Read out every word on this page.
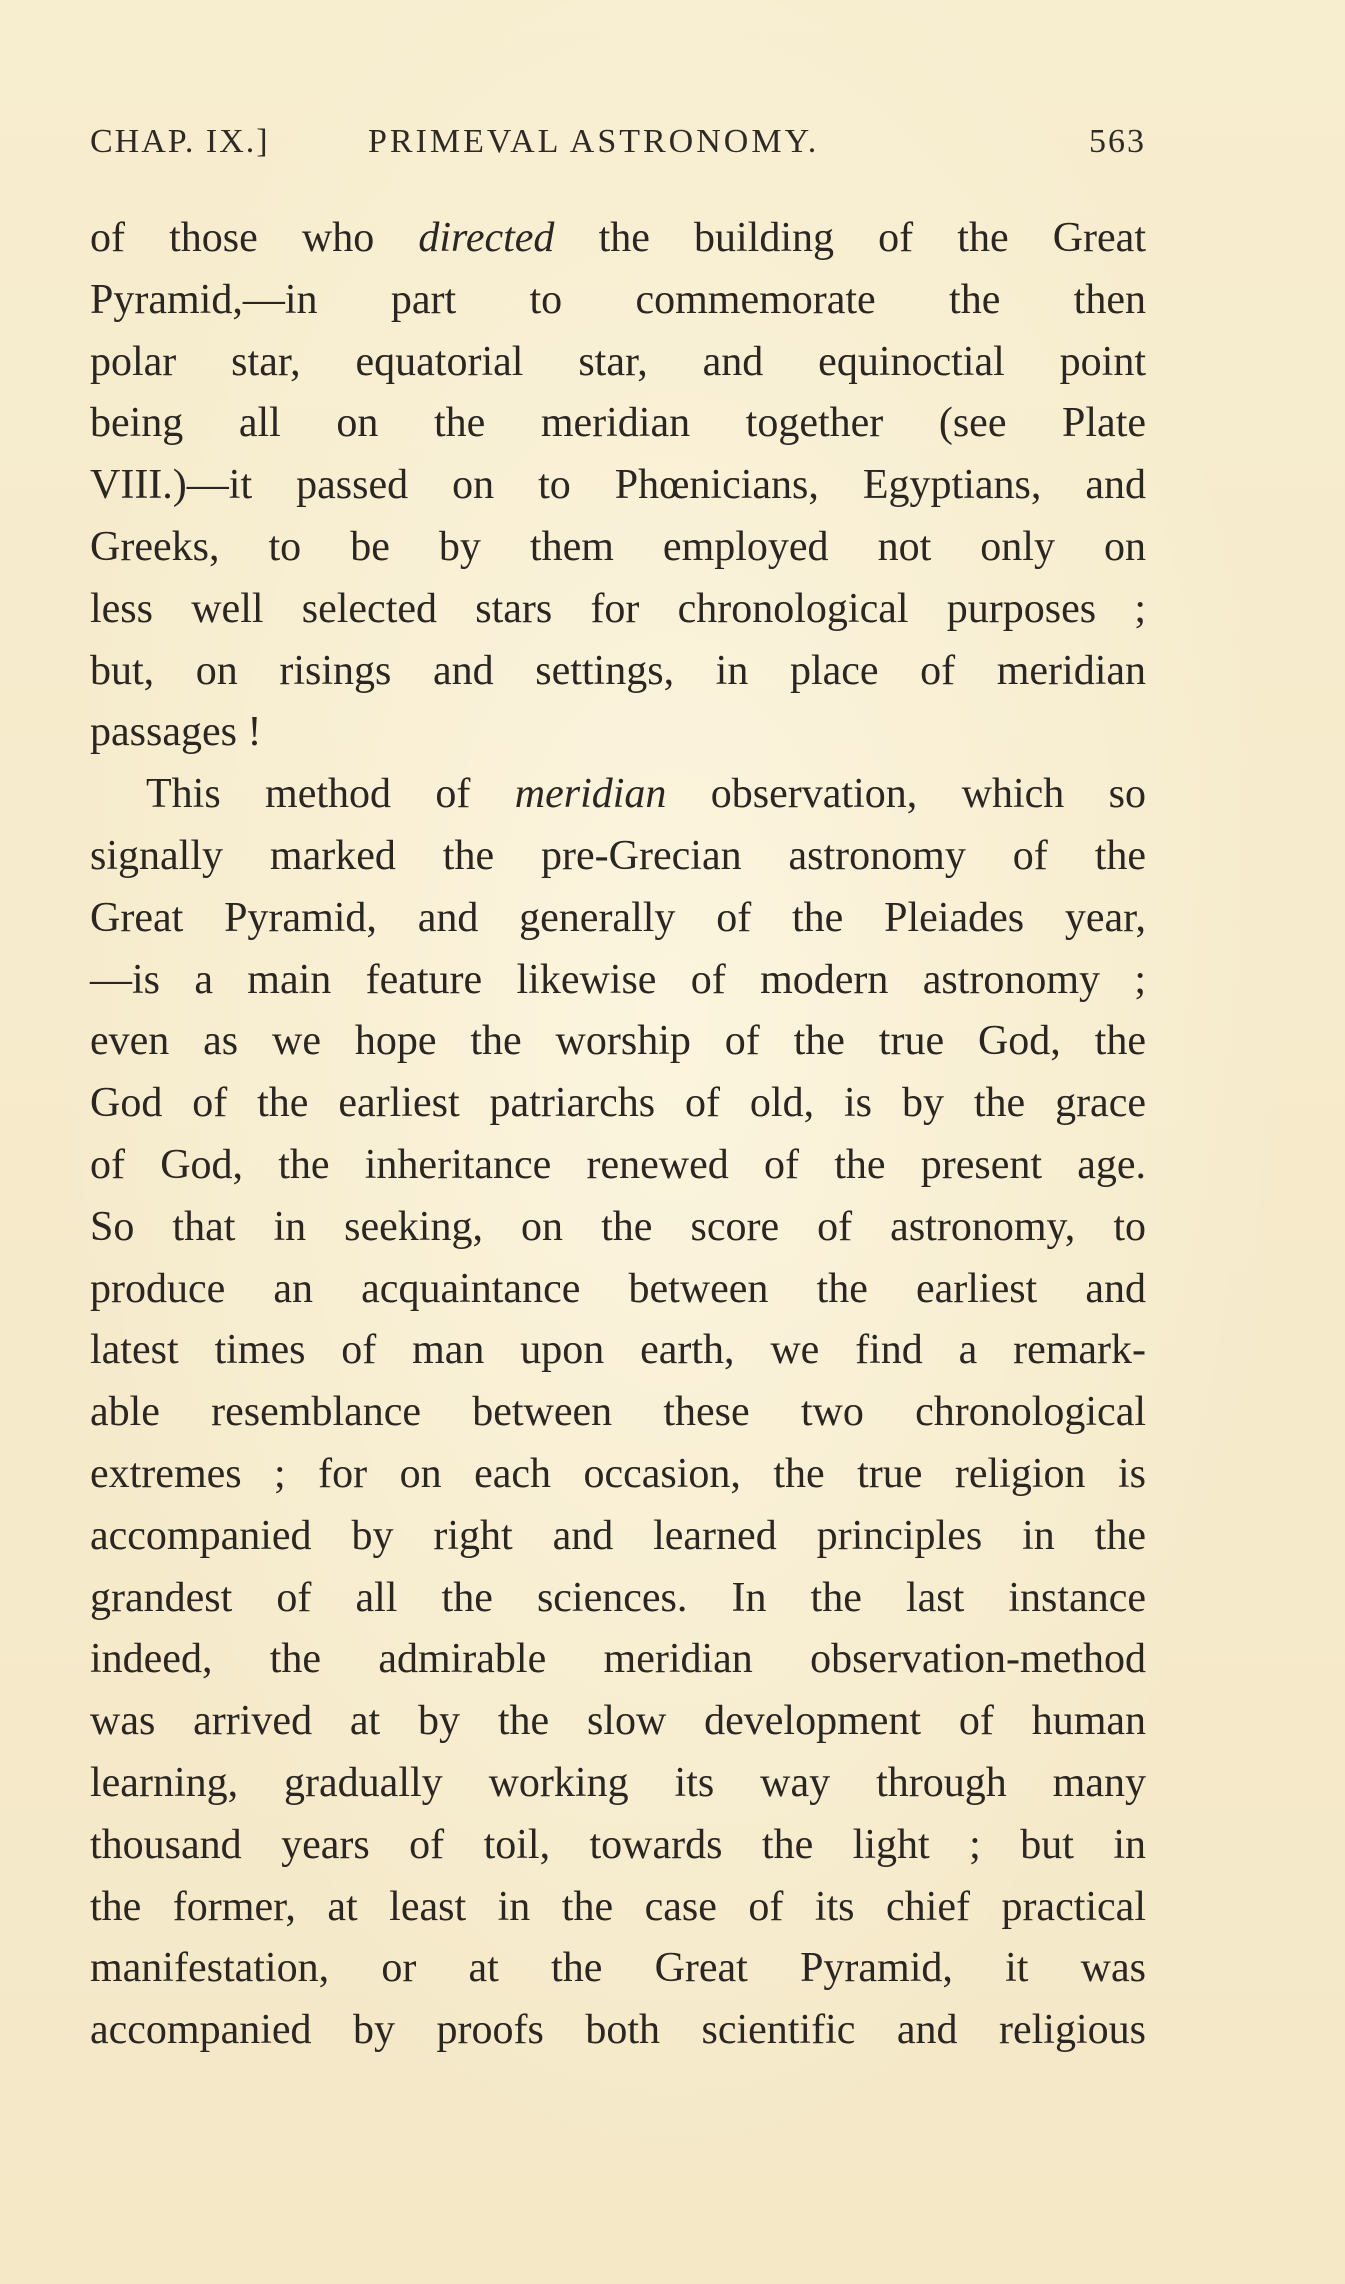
CHAP. IX.]	PRIMEVAL ASTRONOMY.	563
of those who directed the building of the Great
Pyramid,—in part to commemorate the then
polar star, equatorial star, and equinoctial point
being all on the meridian together (see Plate
VIII.)—it passed on to Phœnicians, Egyptians, and
Greeks, to be by them employed not only on
less well selected stars for chronological purposes ;
but, on risings and settings, in place of meridian
passages !
This method of meridian observation, which so
signally marked the pre-Grecian astronomy of the
Great Pyramid, and generally of the Pleiades year,
—is a main feature likewise of modern astronomy ;
even as we hope the worship of the true God, the
God of the earliest patriarchs of old, is by the grace
of God, the inheritance renewed of the present age.
So that in seeking, on the score of astronomy, to
produce an acquaintance between the earliest and
latest times of man upon earth, we find a remark-
able resemblance between these two chronological
extremes ; for on each occasion, the true religion is
accompanied by right and learned principles in the
grandest of all the sciences. In the last instance
indeed, the admirable meridian observation-method
was arrived at by the slow development of human
learning, gradually working its way through many
thousand years of toil, towards the light ; but in
the former, at least in the case of its chief practical
manifestation, or at the Great Pyramid, it was
accompanied by proofs both scientific and religious
